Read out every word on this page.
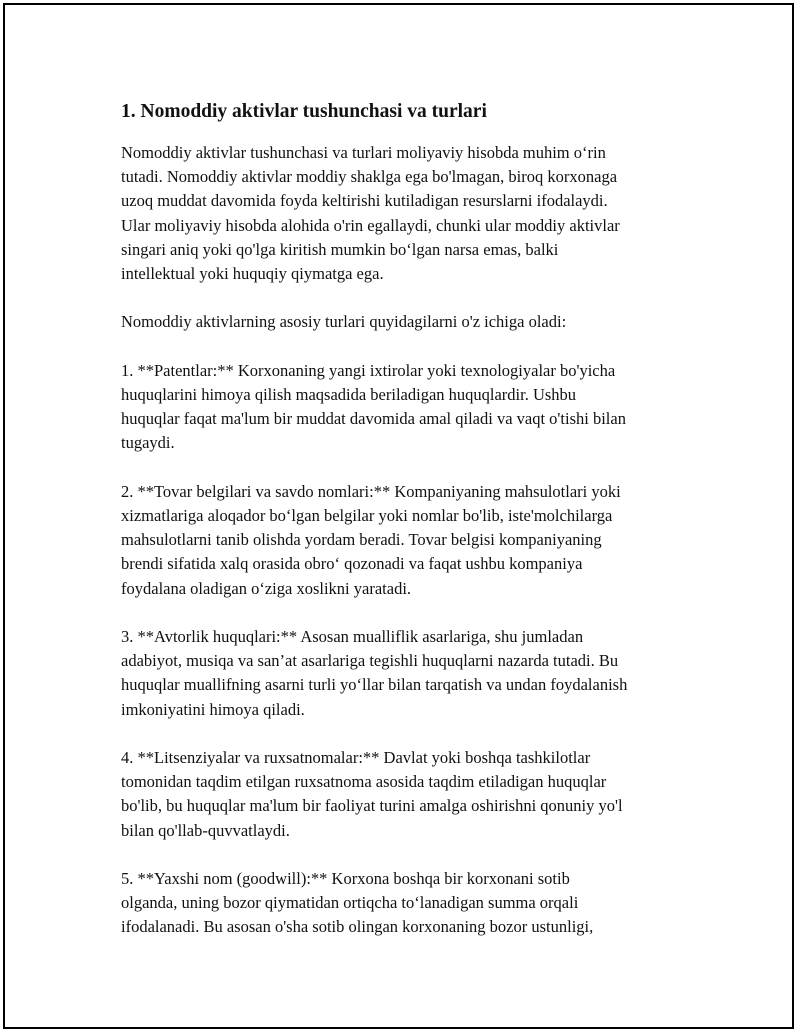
1. Nomoddiy aktivlar tushunchasi va turlari

Nomoddiy aktivlar tushunchasi va turlari moliyaviy hisobda muhim o‘rin
tutadi. Nomoddiy aktivlar moddiy shaklga ega bo'lmagan, biroq korxonaga
uzoq muddat davomida foyda keltirishi kutiladigan resurslarni ifodalaydi.
Ular moliyaviy hisobda alohida o'rin egallaydi, chunki ular moddiy aktivlar
singari aniq yoki qo'lga kiritish mumkin bo‘lgan narsa emas, balki
intellektual yoki huquqiy qiymatga ega.

Nomoddiy aktivlarning asosiy turlari quyidagilarni o'z ichiga oladi:

1. **Patentlar:** Korxonaning yangi ixtirolar yoki texnologiyalar bo'yicha
huquqlarini himoya qilish maqsadida beriladigan huquqlardir. Ushbu
huquqlar faqat ma'lum bir muddat davomida amal qiladi va vaqt o'tishi bilan
tugaydi.

2. **Tovar belgilari va savdo nomlari:** Kompaniyaning mahsulotlari yoki
xizmatlariga aloqador bo‘lgan belgilar yoki nomlar bo'lib, iste'molchilarga
mahsulotlarni tanib olishda yordam beradi. Tovar belgisi kompaniyaning
brendi sifatida xalq orasida obro‘ qozonadi va faqat ushbu kompaniya
foydalana oladigan o‘ziga xoslikni yaratadi.

3. **Avtorlik huquqlari:** Asosan mualliflik asarlariga, shu jumladan
adabiyot, musiqa va san’at asarlariga tegishli huquqlarni nazarda tutadi. Bu
huquqlar muallifning asarni turli yo‘llar bilan tarqatish va undan foydalanish
imkoniyatini himoya qiladi.

4. **Litsenziyalar va ruxsatnomalar:** Davlat yoki boshqa tashkilotlar
tomonidan taqdim etilgan ruxsatnoma asosida taqdim etiladigan huquqlar
bo'lib, bu huquqlar ma'lum bir faoliyat turini amalga oshirishni qonuniy yo'l
bilan qo'llab-quvvatlaydi.

5. **Yaxshi nom (goodwill):** Korxona boshqa bir korxonani sotib
olganda, uning bozor qiymatidan ortiqcha to‘lanadigan summa orqali
ifodalanadi. Bu asosan o'sha sotib olingan korxonaning bozor ustunligi,
